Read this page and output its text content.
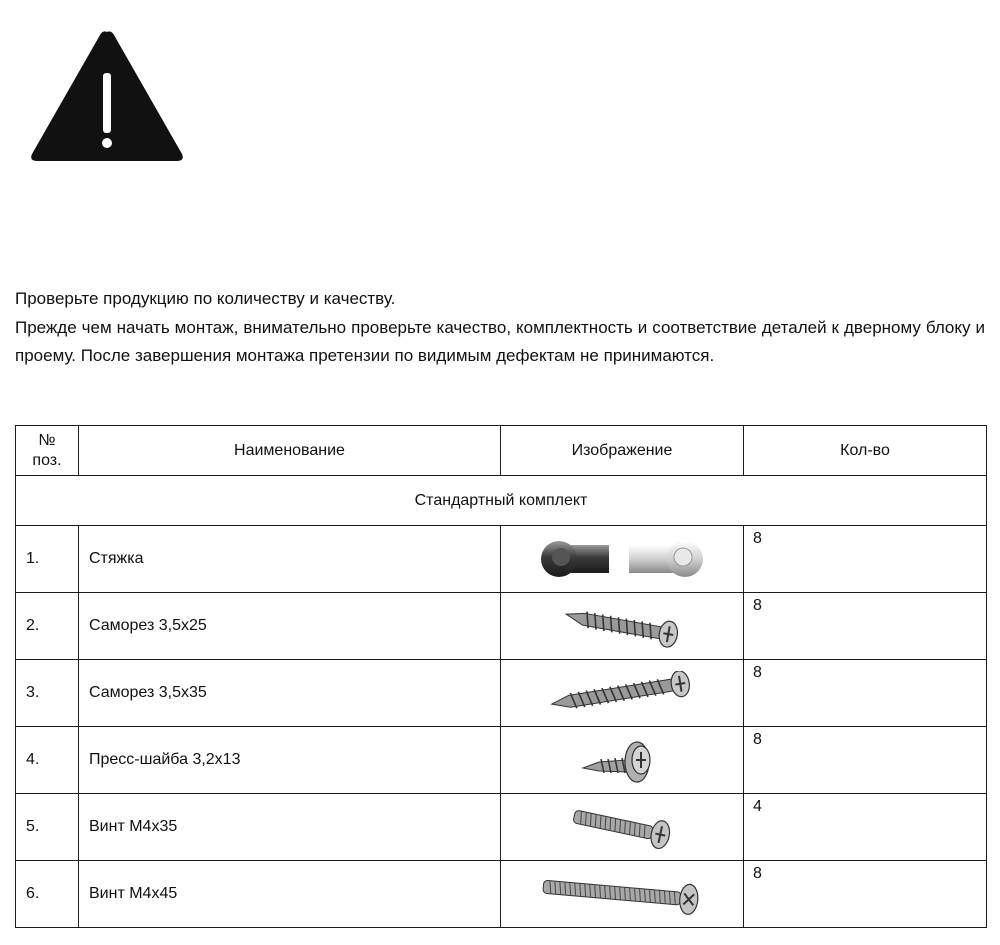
Проверьте продукцию по количеству и качеству.

Прежде чем начать монтаж, внимательно проверьте качество, комплектность и соответствие деталей к дверному блоку и проему. После завершения монтажа претензии по видимым дефектам не принимаются.

№
поз.	Наименование	Изображение	Кол-во
Стандартный комплект			
1.	Стяжка		8
2.	Саморез 3,5х25		8
3.	Саморез 3,5х35		8
4.	Пресс-шайба 3,2х13		8
5.	Винт М4х35		4
6.	Винт М4х45		8
